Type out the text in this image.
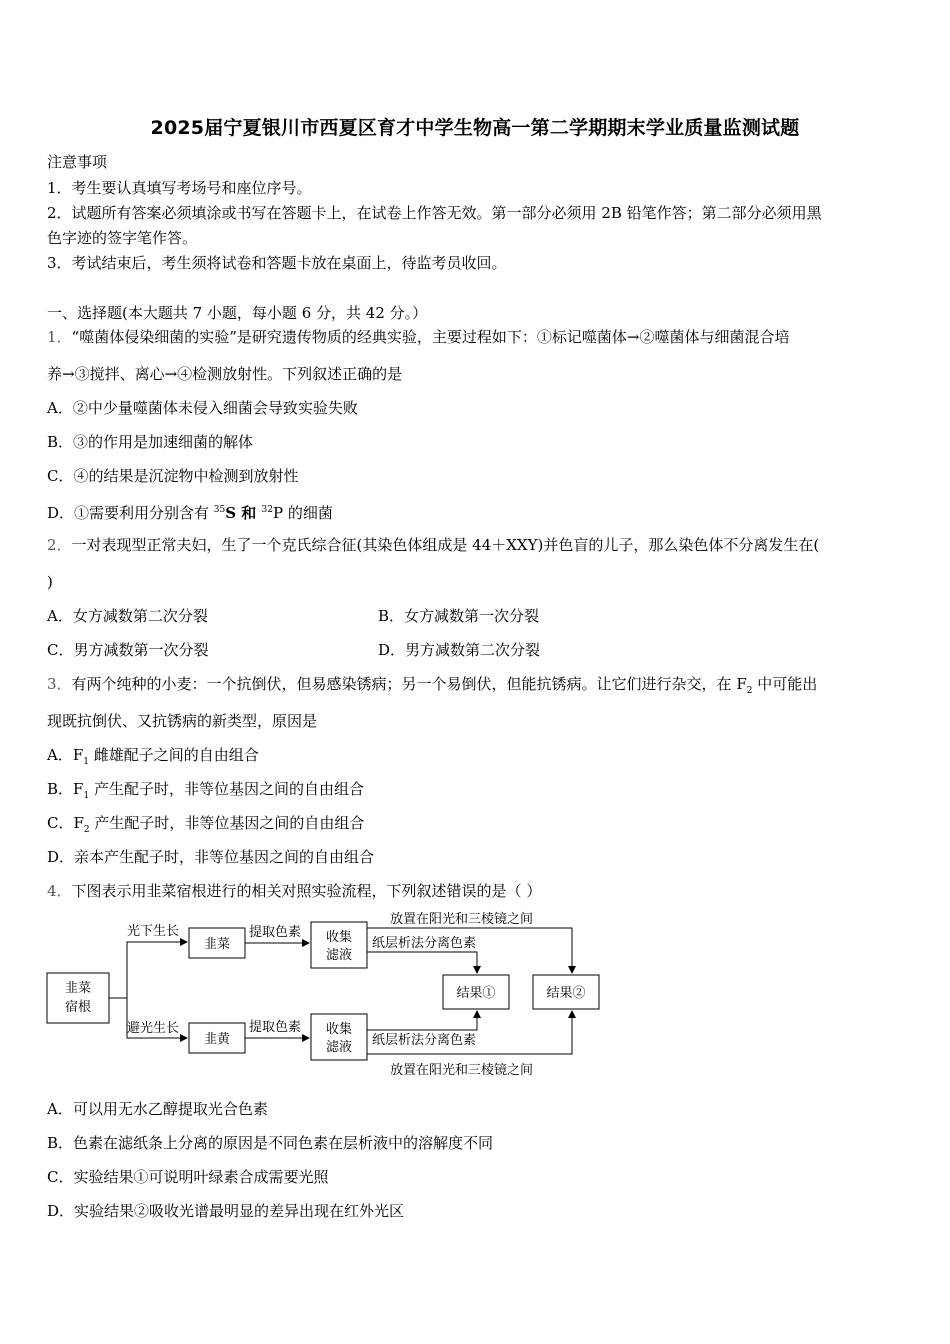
2025届宁夏银川市西夏区育才中学生物高一第二学期期末学业质量监测试题
注意事项
1．考生要认真填写考场号和座位序号。
2．试题所有答案必须填涂或书写在答题卡上，在试卷上作答无效。第一部分必须用 2B 铅笔作答；第二部分必须用黑
色字迹的签字笔作答。
3．考试结束后，考生须将试卷和答题卡放在桌面上，待监考员收回。
一、选择题(本大题共 7 小题，每小题 6 分，共 42 分。）
1．“噬菌体侵染细菌的实验”是研究遗传物质的经典实验，主要过程如下：①标记噬菌体→②噬菌体与细菌混合培
养→③搅拌、离心→④检测放射性。下列叙述正确的是
A．②中少量噬菌体未侵入细菌会导致实验失败
B．③的作用是加速细菌的解体
C．④的结果是沉淀物中检测到放射性
D．①需要利用分别含有 $^{35}$S 和 $^{32}$P 的细菌
2．一对表现型正常夫妇，生了一个克氏综合征(其染色体组成是 44＋XXY)并色盲的儿子，那么染色体不分离发生在(
)
A．女方减数第二次分裂	B．女方减数第一次分裂
C．男方减数第一次分裂	D．男方减数第二次分裂
3．有两个纯种的小麦：一个抗倒伏，但易感染锈病；另一个易倒伏，但能抗锈病。让它们进行杂交，在 $F_2$ 中可能出
现既抗倒伏、又抗锈病的新类型，原因是
A．$F_1$ 雌雄配子之间的自由组合
B．$F_1$ 产生配子时，非等位基因之间的自由组合
C．$F_2$ 产生配子时，非等位基因之间的自由组合
D．亲本产生配子时，非等位基因之间的自由组合
4．下图表示用韭菜宿根进行的相关对照实验流程，下列叙述错误的是（ ）
韭菜
宿根
光下生长
避光生长
韭菜
韭黄
提取色素
提取色素
收集
滤液
收集
滤液
放置在阳光和三棱镜之间
纸层析法分离色素
纸层析法分离色素
放置在阳光和三棱镜之间
结果①	结果②
A．可以用无水乙醇提取光合色素
B．色素在滤纸条上分离的原因是不同色素在层析液中的溶解度不同
C．实验结果①可说明叶绿素合成需要光照
D．实验结果②吸收光谱最明显的差异出现在红外光区
